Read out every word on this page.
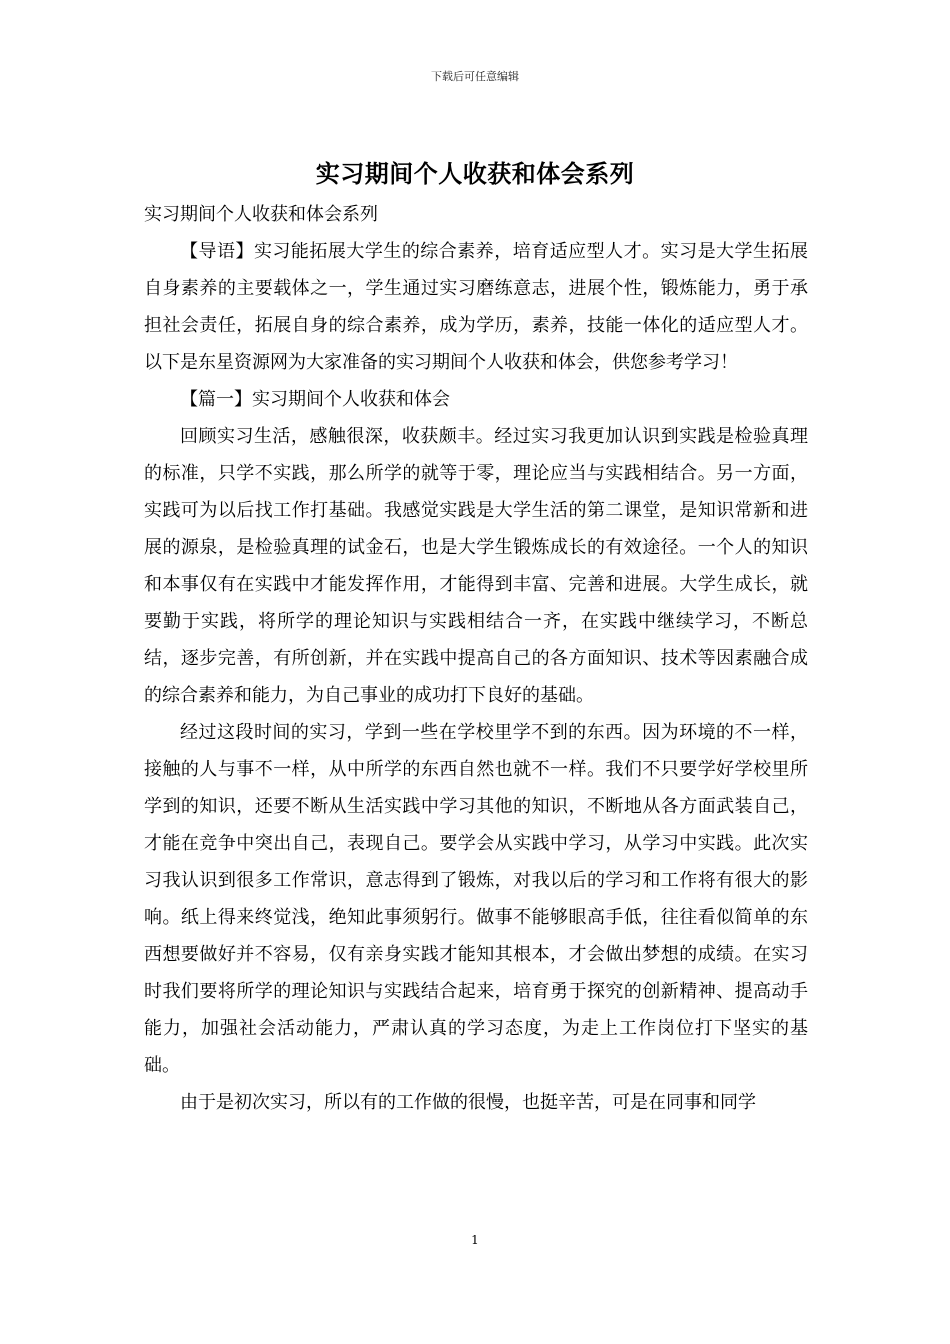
下载后可任意编辑
实习期间个人收获和体会系列

实习期间个人收获和体会系列

【导语】实习能拓展大学生的综合素养，培育适应型人才。实习是大学生拓展自身素养的主要载体之一，学生通过实习磨练意志，进展个性，锻炼能力，勇于承担社会责任，拓展自身的综合素养，成为学历，素养，技能一体化的适应型人才。以下是东星资源网为大家准备的实习期间个人收获和体会，供您参考学习！

【篇一】实习期间个人收获和体会

回顾实习生活，感触很深，收获颇丰。经过实习我更加认识到实践是检验真理的标准，只学不实践，那么所学的就等于零，理论应当与实践相结合。另一方面，实践可为以后找工作打基础。我感觉实践是大学生活的第二课堂，是知识常新和进展的源泉，是检验真理的试金石，也是大学生锻炼成长的有效途径。一个人的知识和本事仅有在实践中才能发挥作用，才能得到丰富、完善和进展。大学生成长，就要勤于实践，将所学的理论知识与实践相结合一齐，在实践中继续学习，不断总结，逐步完善，有所创新，并在实践中提高自己的各方面知识、技术等因素融合成的综合素养和能力，为自己事业的成功打下良好的基础。

经过这段时间的实习，学到一些在学校里学不到的东西。因为环境的不一样，接触的人与事不一样，从中所学的东西自然也就不一样。我们不只要学好学校里所学到的知识，还要不断从生活实践中学习其他的知识，不断地从各方面武装自己，才能在竞争中突出自己，表现自己。要学会从实践中学习，从学习中实践。此次实习我认识到很多工作常识，意志得到了锻炼，对我以后的学习和工作将有很大的影响。纸上得来终觉浅，绝知此事须躬行。做事不能够眼高手低，往往看似简单的东西想要做好并不容易，仅有亲身实践才能知其根本，才会做出梦想的成绩。在实习时我们要将所学的理论知识与实践结合起来，培育勇于探究的创新精神、提高动手能力，加强社会活动能力，严肃认真的学习态度，为走上工作岗位打下坚实的基础。

由于是初次实习，所以有的工作做的很慢，也挺辛苦，可是在同事和同学

1
